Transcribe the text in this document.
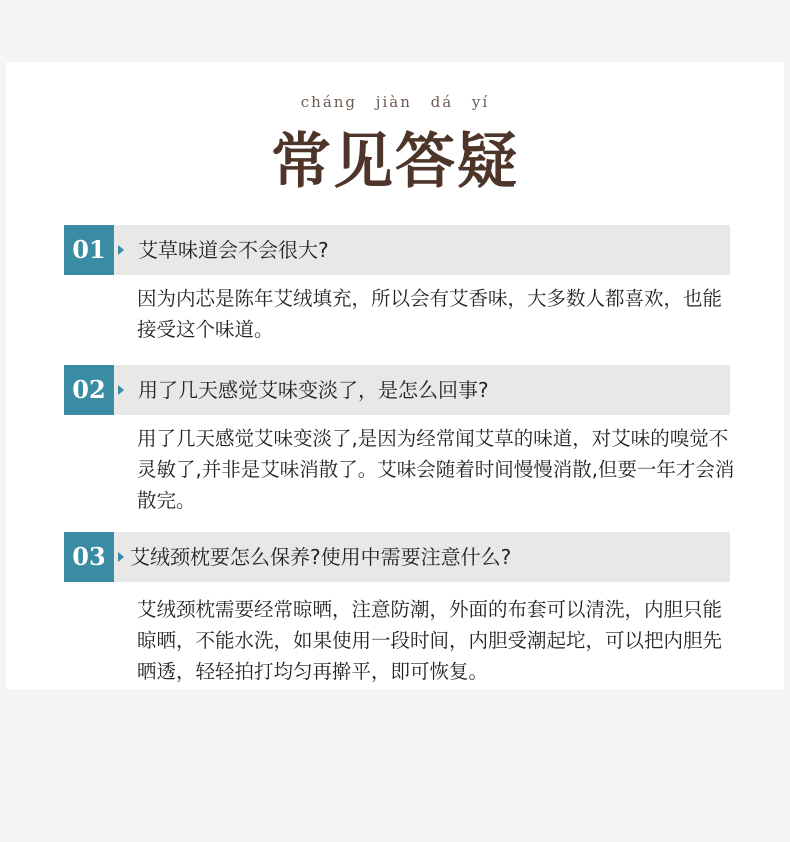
cháng jiàn dá yí
常见答疑
01	艾草味道会不会很大?
因为内芯是陈年艾绒填充，所以会有艾香味，大多数人都喜欢，也能接受这个味道。
02	用了几天感觉艾味变淡了，是怎么回事?
用了几天感觉艾味变淡了,是因为经常闻艾草的味道，对艾味的嗅觉不灵敏了,并非是艾味消散了。艾味会随着时间慢慢消散,但要一年才会消散完。
03	艾绒颈枕要怎么保养?使用中需要注意什么?
艾绒颈枕需要经常晾晒，注意防潮，外面的布套可以清洗，内胆只能晾晒，不能水洗，如果使用一段时间，内胆受潮起坨，可以把内胆先晒透，轻轻拍打均匀再擀平，即可恢复。
